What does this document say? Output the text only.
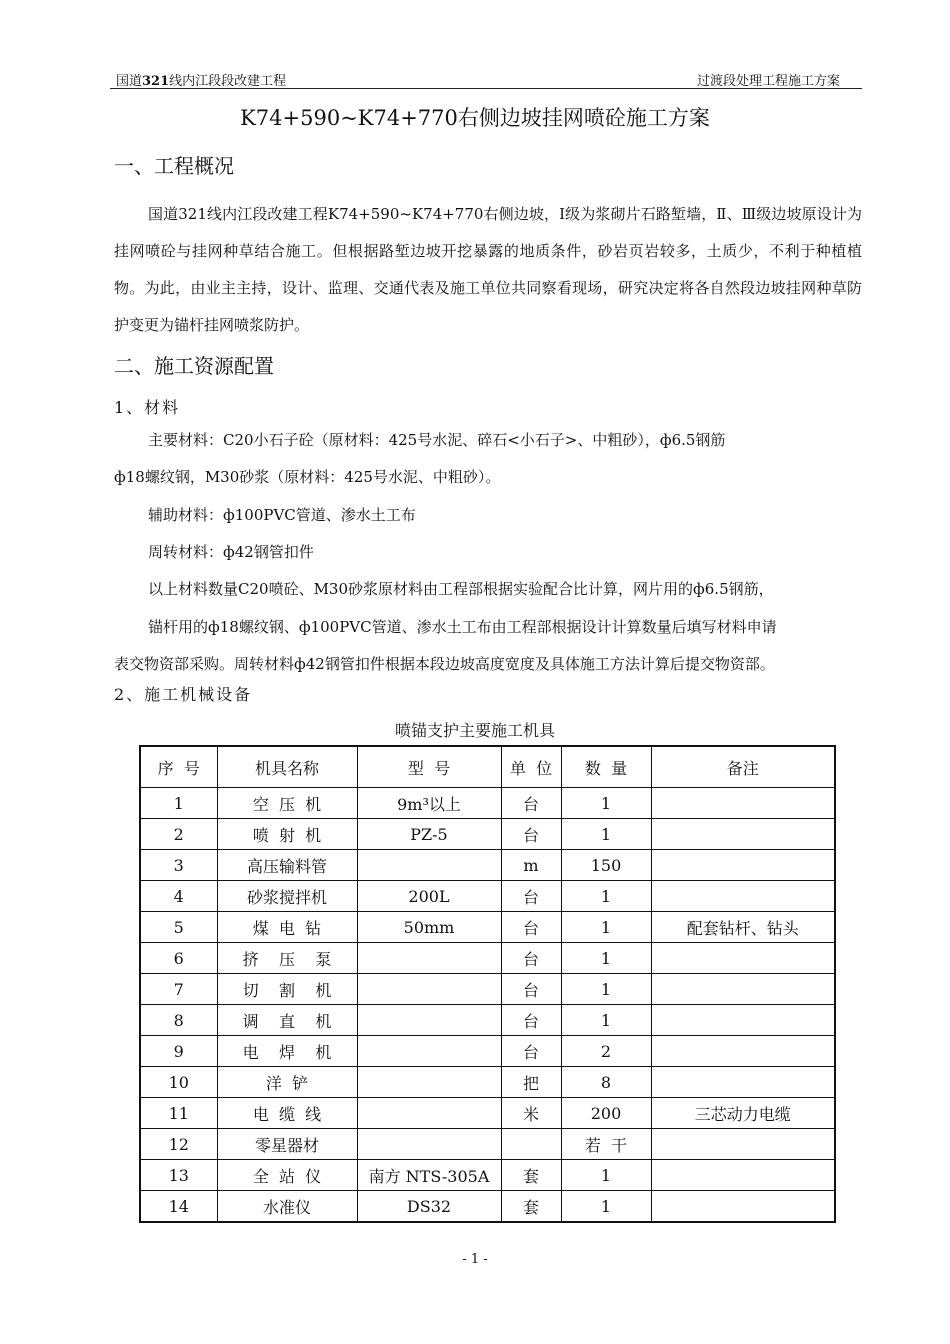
国道321线内江段段改建工程	过渡段处理工程施工方案
K74+590~K74+770右侧边坡挂网喷砼施工方案
一、工程概况

国道321线内江段改建工程K74+590~K74+770右侧边坡，Ⅰ级为浆砌片石路堑墙，Ⅱ、Ⅲ级边坡原设计为挂网喷砼与挂网种草结合施工。但根据路堑边坡开挖暴露的地质条件，砂岩页岩较多，土质少，不利于种植植物。为此，由业主主持，设计、监理、交通代表及施工单位共同察看现场，研究决定将各自然段边坡挂网种草防护变更为锚杆挂网喷浆防护。

二、施工资源配置
1、材料
主要材料：C20小石子砼（原材料：425号水泥、碎石<小石子>、中粗砂），ф6.5钢筋
ф18螺纹钢，M30砂浆（原材料：425号水泥、中粗砂）。
辅助材料：ф100PVC管道、渗水土工布
周转材料：ф42钢管扣件
以上材料数量C20喷砼、M30砂浆原材料由工程部根据实验配合比计算，网片用的ф6.5钢筋，
锚杆用的ф18螺纹钢、ф100PVC管道、渗水土工布由工程部根据设计计算数量后填写材料申请
表交物资部采购。周转材料ф42钢管扣件根据本段边坡高度宽度及具体施工方法计算后提交物资部。
2、施工机械设备
喷锚支护主要施工机具
序  号	机具名称	型  号	单  位	数  量	备注
1	空  压  机	9m³以上	台	1	
2	喷  射  机	PZ-5	台	1	
3	高压输料管		m	150	
4	砂浆搅拌机	200L	台	1	
5	煤  电  钻	50mm	台	1	配套钻杆、钻头
6	挤    压    泵		台	1	
7	切    割    机		台	1	
8	调    直    机		台	1	
9	电    焊    机		台	2	
10	洋  铲		把	8	
11	电  缆  线		米	200	三芯动力电缆
12	零星器材			若  干	
13	全  站  仪	南方 NTS-305A	套	1	
14	水准仪	DS32	套	1	
- 1 -
